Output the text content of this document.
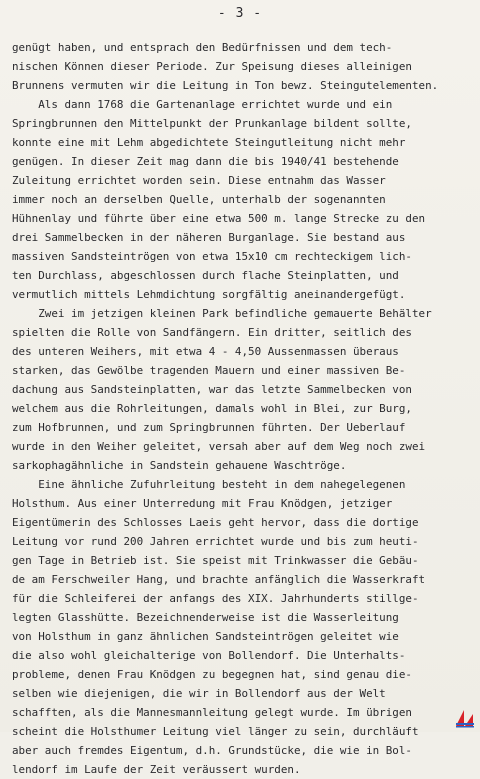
- 3 -
genügt haben, und entsprach den Bedürfnissen und dem tech-
nischen Können dieser Periode. Zur Speisung dieses alleinigen
Brunnens vermuten wir die Leitung in Ton bewz. Steingutelementen.
Als dann 1768 die Gartenanlage errichtet wurde und ein
Springbrunnen den Mittelpunkt der Prunkanlage bildent sollte,
konnte eine mit Lehm abgedichtete Steingutleitung nicht mehr
genügen. In dieser Zeit mag dann die bis 1940/41 bestehende
Zuleitung errichtet worden sein. Diese entnahm das Wasser
immer noch an derselben Quelle, unterhalb der sogenannten
Hühnenlay und führte über eine etwa 500 m. lange Strecke zu den
drei Sammelbecken in der näheren Burganlage. Sie bestand aus
massiven Sandsteintrögen von etwa 15x10 cm rechteckigem lich-
ten Durchlass, abgeschlossen durch flache Steinplatten, und
vermutlich mittels Lehmdichtung sorgfältig aneinandergefügt.
Zwei im jetzigen kleinen Park befindliche gemauerte Behälter
spielten die Rolle von Sandfängern. Ein dritter, seitlich des
des unteren Weihers, mit etwa 4 - 4,50 Aussenmassen überaus
starken, das Gewölbe tragenden Mauern und einer massiven Be-
dachung aus Sandsteinplatten, war das letzte Sammelbecken von
welchem aus die Rohrleitungen, damals wohl in Blei, zur Burg,
zum Hofbrunnen, und zum Springbrunnen führten. Der Ueberlauf
wurde in den Weiher geleitet, versah aber auf dem Weg noch zwei
sarkophagähnliche in Sandstein gehauene Waschtröge.
Eine ähnliche Zufuhrleitung besteht in dem nahegelegenen
Holsthum. Aus einer Unterredung mit Frau Knödgen, jetziger
Eigentümerin des Schlosses Laeis geht hervor, dass die dortige
Leitung vor rund 200 Jahren errichtet wurde und bis zum heuti-
gen Tage in Betrieb ist. Sie speist mit Trinkwasser die Gebäu-
de am Ferschweiler Hang, und brachte anfänglich die Wasserkraft
für die Schleiferei der anfangs des XIX. Jahrhunderts stillge-
legten Glasshütte. Bezeichnenderweise ist die Wasserleitung
von Holsthum in ganz ähnlichen Sandsteintrögen geleitet wie
die also wohl gleichalterige von Bollendorf. Die Unterhalts-
probleme, denen Frau Knödgen zu begegnen hat, sind genau die-
selben wie diejenigen, die wir in Bollendorf aus der Welt
schafften, als die Mannesmannleitung gelegt wurde. Im übrigen
scheint die Holsthumer Leitung viel länger zu sein, durchläuft
aber auch fremdes Eigentum, d.h. Grundstücke, die wie in Bol-
lendorf im Laufe der Zeit veräussert wurden.
